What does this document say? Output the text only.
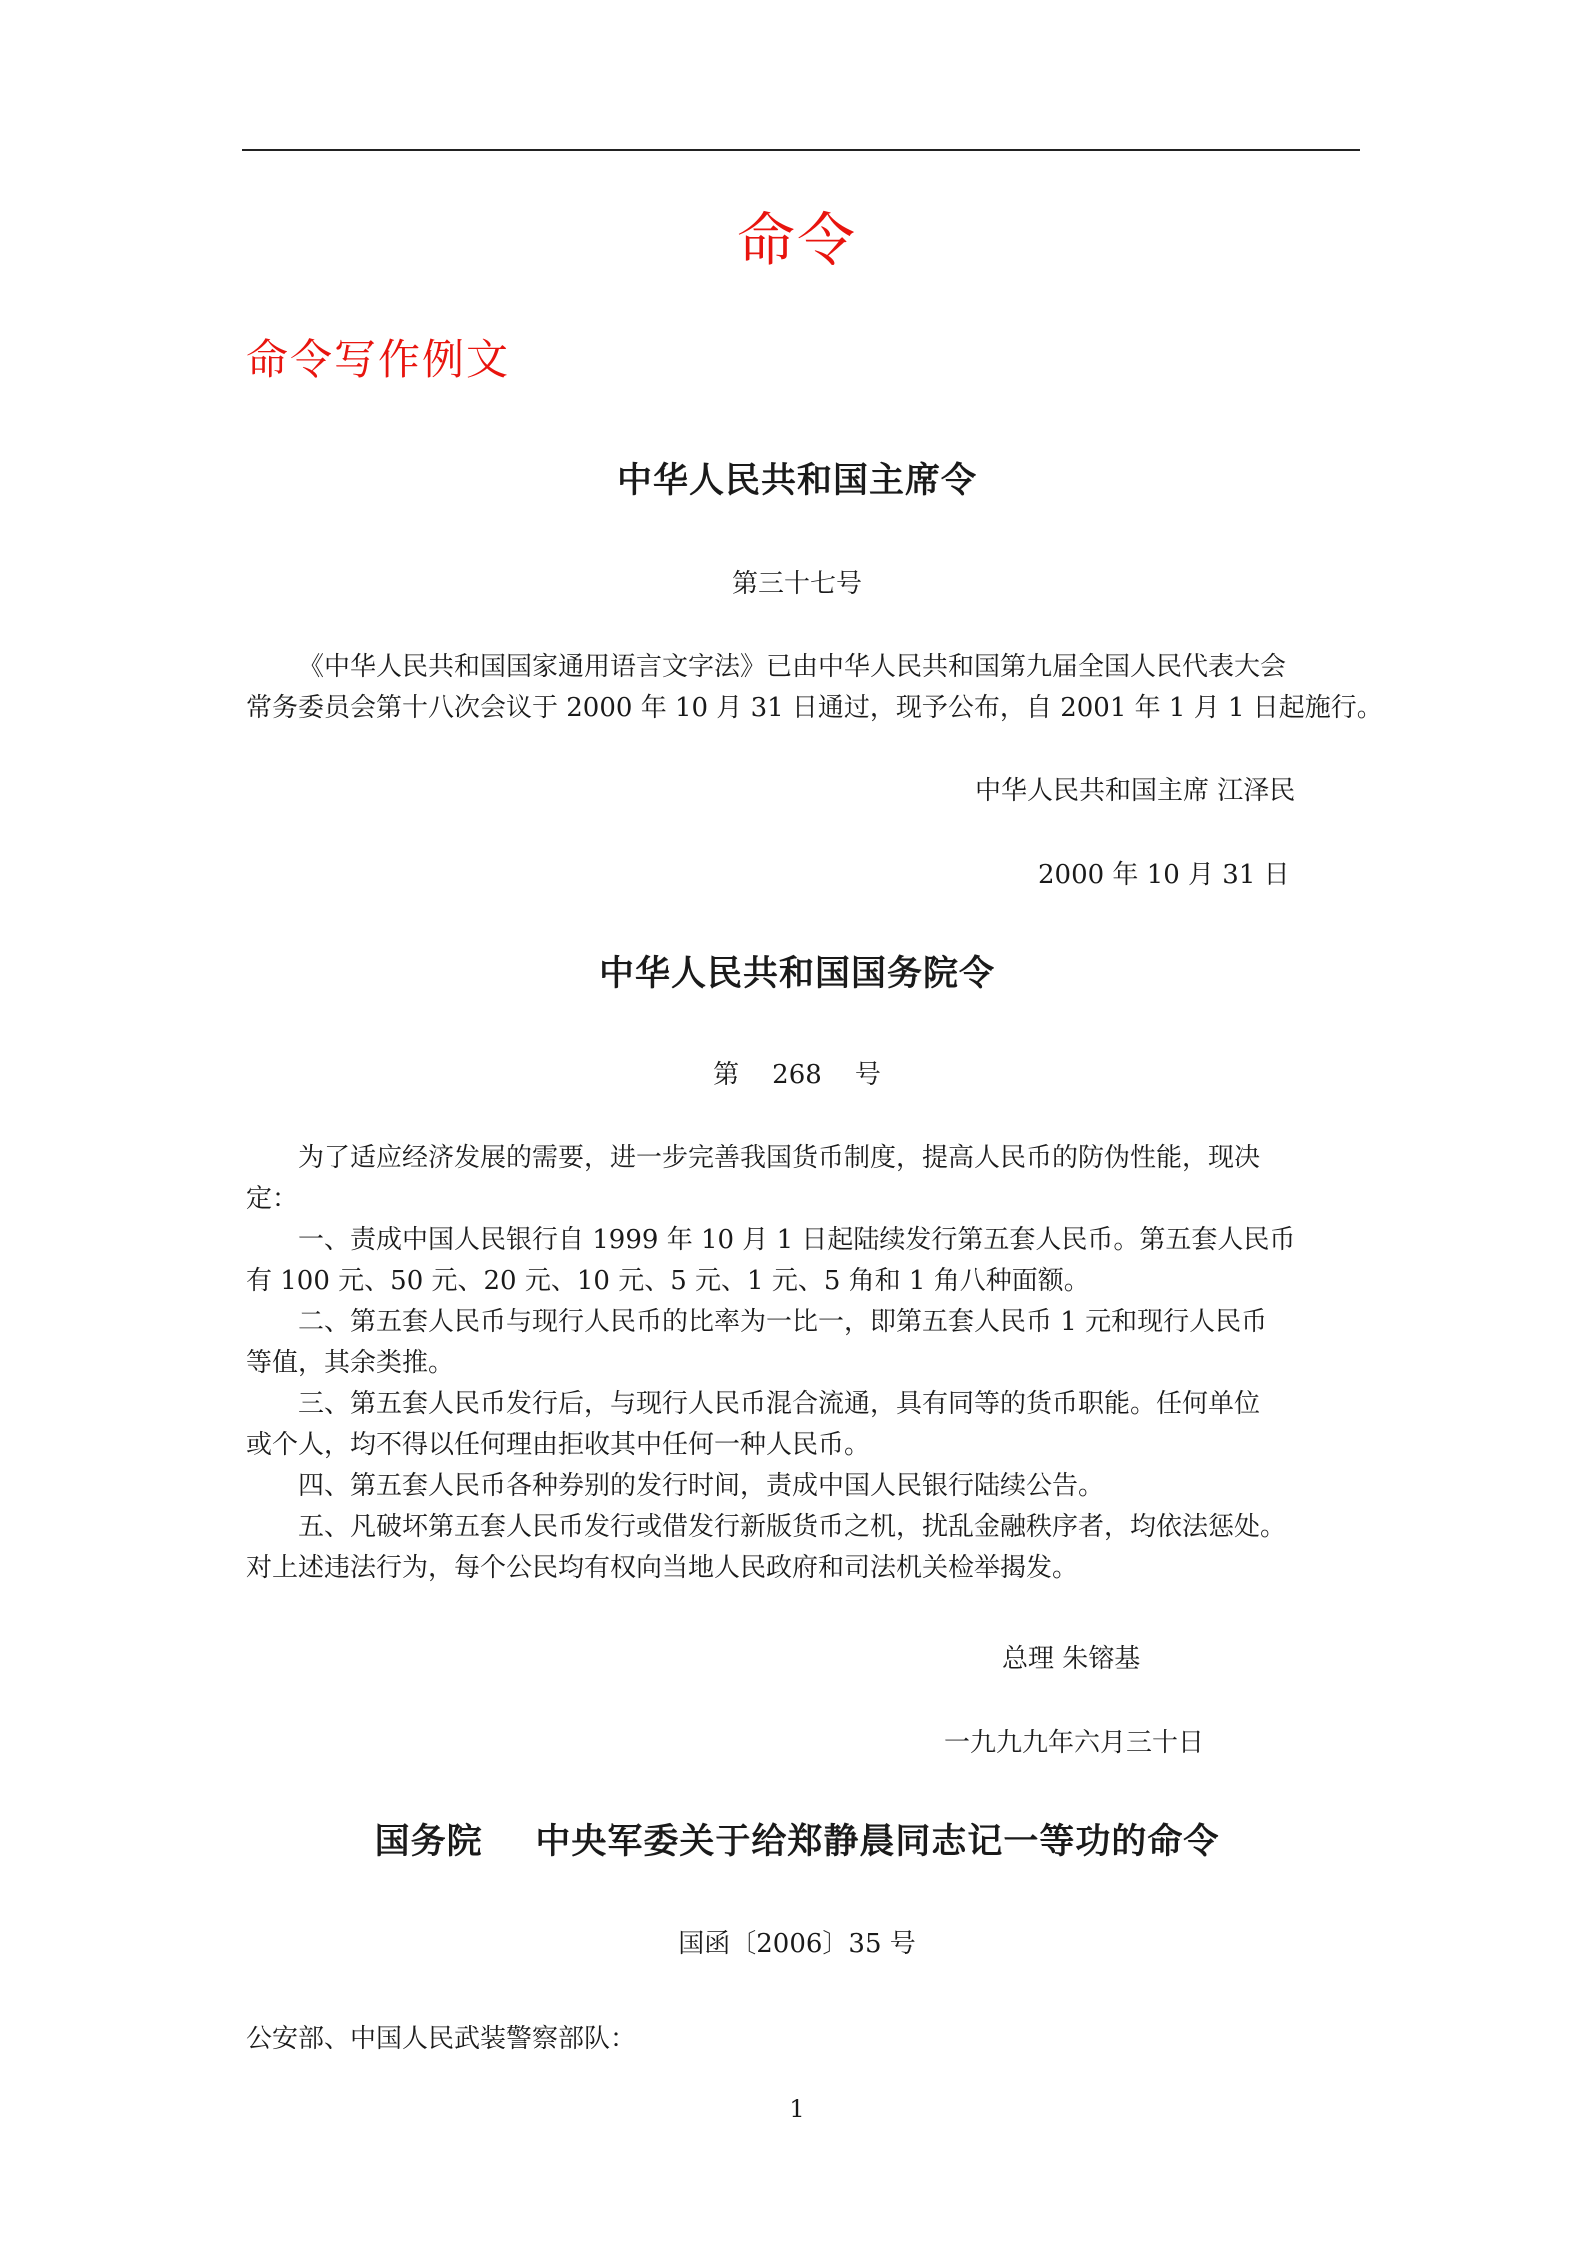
命令
命令写作例文
中华人民共和国主席令
第三十七号
《中华人民共和国国家通用语言文字法》已由中华人民共和国第九届全国人民代表大会
常务委员会第十八次会议于 2000 年 10 月 31 日通过，现予公布，自 2001 年 1 月 1 日起施行。
中华人民共和国主席 江泽民
2000 年 10 月 31 日
中华人民共和国国务院令
第    268    号
为了适应经济发展的需要，进一步完善我国货币制度，提高人民币的防伪性能，现决
定：
一、责成中国人民银行自 1999 年 10 月 1 日起陆续发行第五套人民币。第五套人民币
有 100 元、50 元、20 元、10 元、5 元、1 元、5 角和 1 角八种面额。
二、第五套人民币与现行人民币的比率为一比一，即第五套人民币 1 元和现行人民币
等值，其余类推。
三、第五套人民币发行后，与现行人民币混合流通，具有同等的货币职能。任何单位
或个人，均不得以任何理由拒收其中任何一种人民币。
四、第五套人民币各种券别的发行时间，责成中国人民银行陆续公告。
五、凡破坏第五套人民币发行或借发行新版货币之机，扰乱金融秩序者，均依法惩处。
对上述违法行为，每个公民均有权向当地人民政府和司法机关检举揭发。
总理 朱镕基
一九九九年六月三十日
国务院    中央军委关于给郑静晨同志记一等功的命令
国函〔2006〕35 号
公安部、中国人民武装警察部队：
1
